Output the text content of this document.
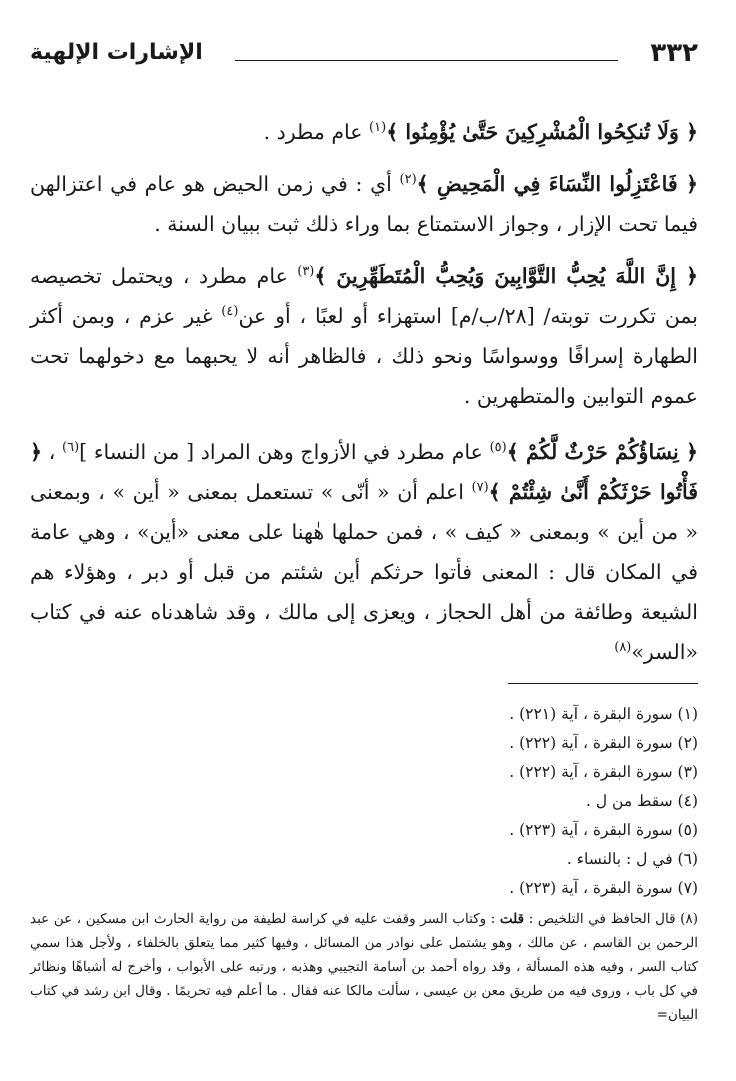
٣٣٢
الإشارات الإلهية

﴿ وَلَا تُنكِحُوا الْمُشْرِكِينَ حَتَّىٰ يُؤْمِنُوا ﴾$^{(١)}$ عام مطرد .

﴿ فَاعْتَزِلُوا النِّسَاءَ فِي الْمَحِيضِ ﴾$^{(٢)}$ أي : في زمن الحيض هو عام في اعتزالهن فيما تحت الإزار ، وجواز الاستمتاع بما وراء ذلك ثبت ببيان السنة .

﴿ إِنَّ اللَّهَ يُحِبُّ التَّوَّابِينَ وَيُحِبُّ الْمُتَطَهِّرِينَ ﴾$^{(٣)}$ عام مطرد ، ويحتمل تخصيصه بمن تكررت توبته/ [٢٨/ب/م] استهزاء أو لعبًا ، أو عن$^{(٤)}$ غير عزم ، وبمن أكثر الطهارة إسرافًا ووسواسًا ونحو ذلك ، فالظاهر أنه لا يحبهما مع دخولهما تحت عموم التوابين والمتطهرين .

﴿ نِسَاؤُكُمْ حَرْثٌ لَّكُمْ ﴾$^{(٥)}$ عام مطرد في الأزواج وهن المراد [ من النساء ]$^{(٦)}$ ، ﴿ فَأْتُوا حَرْثَكُمْ أَنَّىٰ شِئْتُمْ ﴾$^{(٧)}$ اعلم أن « أنّى » تستعمل بمعنى « أين » ، وبمعنى « من أين » وبمعنى « كيف » ، فمن حملها هٰهنا على معنى «أين» ، وهي عامة في المكان قال : المعنى فأتوا حرثكم أين شئتم من قبل أو دبر ، وهؤلاء هم الشيعة وطائفة من أهل الحجاز ، ويعزى إلى مالك ، وقد شاهدناه عنه في كتاب «السر»$^{(٨)}$

(١) سورة البقرة ، آية (٢٢١) .

(٢) سورة البقرة ، آية (٢٢٢) .

(٣) سورة البقرة ، آية (٢٢٢) .

(٤) سقط من ل .

(٥) سورة البقرة ، آية (٢٢٣) .

(٦) في ل : بالنساء .

(٧) سورة البقرة ، آية (٢٢٣) .

(٨) قال الحافظ في التلخيص : قلت : وكتاب السر وقفت عليه في كراسة لطيفة من رواية الحارث ابن مسكين ، عن عبد الرحمن بن القاسم ، عن مالك ، وهو يشتمل على نوادر من المسائل ، وفيها كثير مما يتعلق بالخلفاء ، ولأجل هذا سمي كتاب السر ، وفيه هذه المسألة ، وقد رواه أحمد بن أسامة التجيبي وهذبه ، ورتبه على الأبواب ، وأخرج له أشباهًا ونظائر في كل باب ، وروى فيه من طريق معن بن عيسى ، سألت مالكا عنه فقال . ما أعلم فيه تحريمًا . وقال ابن رشد في كتاب البيان=
